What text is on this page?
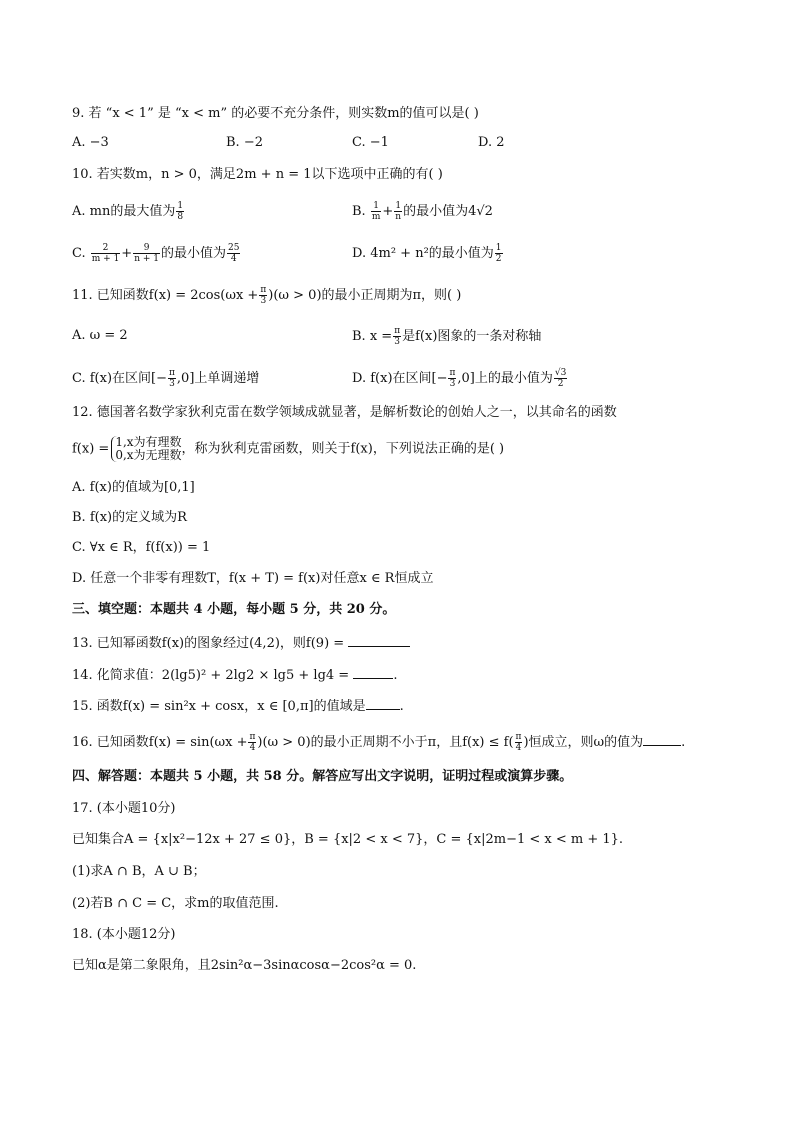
9. 若 “x < 1” 是 “x < m” 的必要不充分条件，则实数m的值可以是( )
A. −3	B. −2	C. −1	D. 2
10. 若实数m，n > 0，满足2m + n = 1以下选项中正确的有( )
A. mn的最大值为 $\frac{1}{8}$	B. $\frac{1}{m} + \frac{1}{n}$ 的最小值为4√2
C. $\frac{2}{m + 1} + \frac{9}{n + 1}$ 的最小值为 $\frac{25}{4}$	D. 4m² + n²的最小值为 $\frac{1}{2}$
11. 已知函数$f(x) = 2\cos(\omega x + \frac{\pi}{3} )(\omega > 0)$的最小正周期为π，则( )
A. ω = 2	B. $x = \frac{\pi}{3}$ 是f(x)图象的一条对称轴
C. f(x)在区间[− $\frac{\pi}{3} ,0$]上单调递增	D. f(x)在区间[− $\frac{\pi}{3} ,0$]上的最小值为 $\frac{√3}{2}$
12. 德国著名数学家狄利克雷在数学领域成就显著，是解析数论的创始人之一，以其命名的函数
f(x) = 1,x为有理数
0,x为无理数 ，称为狄利克雷函数，则关于f(x)，下列说法正确的是( )
A. f(x)的值域为[0,1]
B. f(x)的定义域为R
C. ∀x ∈ R，f(f(x)) = 1
D. 任意一个非零有理数T，f(x + T) = f(x)对任意x ∈ R恒成立
三、填空题：本题共 4 小题，每小题 5 分，共 20 分。
13. 已知幂函数f(x)的图象经过(4,2)，则f(9) =
14. 化简求值：2(lg5)² + 2lg2 × lg5 + lg4 =	.
15. 函数f(x) = sin²x + cosx，x ∈ [0,π]的值域是	.
16. 已知函数$f(x) = \sin(\omega x + \frac{\pi}{4} )(\omega > 0)$的最小正周期不小于π，且$f(x) \le f( \frac{\pi}{4}$ )恒成立，则ω的值为	.
四、解答题：本题共 5 小题，共 58 分。解答应写出文字说明，证明过程或演算步骤。
17. (本小题10分)
已知集合A = {x|x²−12x + 27 ≤ 0}，B = {x|2 < x < 7}，C = {x|2m−1 < x < m + 1}.
(1)求A ∩ B，A ∪ B；
(2)若B ∩ C = C，求m的取值范围.
18. (本小题12分)
已知α是第二象限角，且2sin²α−3sinαcosα−2cos²α = 0.
